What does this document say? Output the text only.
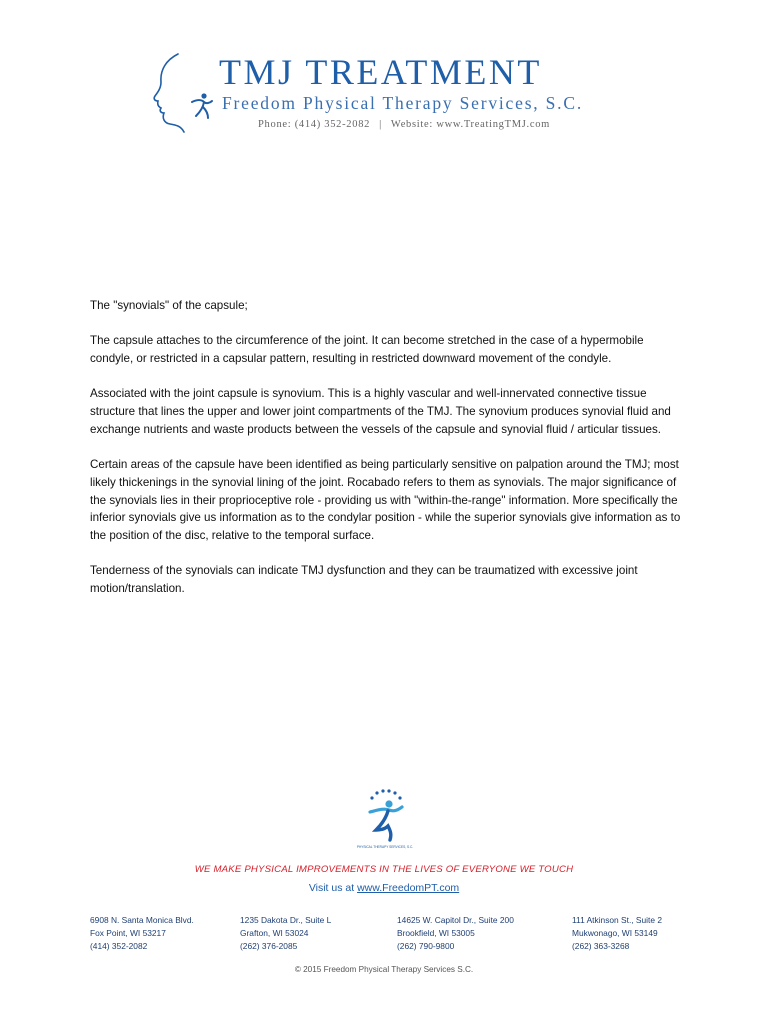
TMJ TREATMENT
Freedom Physical Therapy Services, S.C.
Phone: (414) 352-2082 | Website: www.TreatingTMJ.com

The "synovials" of the capsule;

The capsule attaches to the circumference of the joint. It can become stretched in the case of a hypermobile condyle, or restricted in a capsular pattern, resulting in restricted downward movement of the condyle.

Associated with the joint capsule is synovium. This is a highly vascular and well-innervated connective tissue structure that lines the upper and lower joint compartments of the TMJ. The synovium produces synovial fluid and exchange nutrients and waste products between the vessels of the capsule and synovial fluid / articular tissues.

Certain areas of the capsule have been identified as being particularly sensitive on palpation around the TMJ; most likely thickenings in the synovial lining of the joint. Rocabado refers to them as synovials. The major significance of the synovials lies in their proprioceptive role - providing us with "within-the-range" information. More specifically the inferior synovials give us information as to the condylar position - while the superior synovials give information as to the position of the disc, relative to the temporal surface.

Tenderness of the synovials can indicate TMJ dysfunction and they can be traumatized with excessive joint motion/translation.

PHYSICAL THERAPY SERVICES, S.C.
WE MAKE PHYSICAL IMPROVEMENTS IN THE LIVES OF EVERYONE WE TOUCH
Visit us at www.FreedomPT.com
6908 N. Santa Monica Blvd.
Fox Point, WI 53217
(414) 352-2082
1235 Dakota Dr., Suite L
Grafton, WI 53024
(262) 376-2085
14625 W. Capitol Dr., Suite 200
Brookfield, WI 53005
(262) 790-9800
111 Atkinson St., Suite 2
Mukwonago, WI 53149
(262) 363-3268
© 2015 Freedom Physical Therapy Services S.C.
